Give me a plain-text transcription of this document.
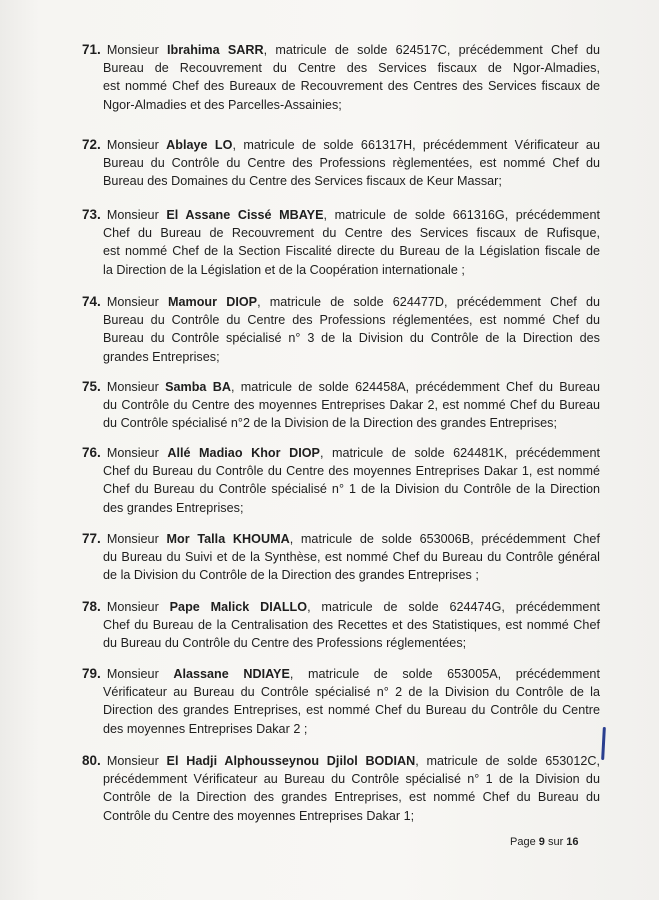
71. Monsieur Ibrahima SARR, matricule de solde 624517C, précédemment Chef du
Bureau de Recouvrement du Centre des Services fiscaux de Ngor-Almadies,
est nommé Chef des Bureaux de Recouvrement des Centres des Services fiscaux de
Ngor-Almadies et des Parcelles-Assainies;
72. Monsieur Ablaye LO, matricule de solde 661317H, précédemment Vérificateur au
Bureau du Contrôle du Centre des Professions règlementées, est nommé Chef du
Bureau des Domaines du Centre des Services fiscaux de Keur Massar;
73. Monsieur El Assane Cissé MBAYE, matricule de solde 661316G, précédemment
Chef du Bureau de Recouvrement du Centre des Services fiscaux de Rufisque,
est nommé Chef de la Section Fiscalité directe du Bureau de la Législation fiscale de
la Direction de la Législation et de la Coopération internationale ;
74. Monsieur Mamour DIOP, matricule de solde 624477D, précédemment Chef du
Bureau du Contrôle du Centre des Professions réglementées, est nommé Chef du
Bureau du Contrôle spécialisé n° 3 de la Division du Contrôle de la Direction des
grandes Entreprises;
75. Monsieur Samba BA, matricule de solde 624458A, précédemment Chef du Bureau
du Contrôle du Centre des moyennes Entreprises Dakar 2, est nommé Chef du Bureau
du Contrôle spécialisé n°2 de la Division de la Direction des grandes Entreprises;
76. Monsieur Allé Madiao Khor DIOP, matricule de solde 624481K, précédemment
Chef du Bureau du Contrôle du Centre des moyennes Entreprises Dakar 1, est nommé
Chef du Bureau du Contrôle spécialisé n° 1 de la Division du Contrôle de la Direction
des grandes Entreprises;
77. Monsieur Mor Talla KHOUMA, matricule de solde 653006B, précédemment Chef
du Bureau du Suivi et de la Synthèse, est nommé Chef du Bureau du Contrôle général
de la Division du Contrôle de la Direction des grandes Entreprises ;
78. Monsieur Pape Malick DIALLO, matricule de solde 624474G, précédemment
Chef du Bureau de la Centralisation des Recettes et des Statistiques, est nommé Chef
du Bureau du Contrôle du Centre des Professions réglementées;
79. Monsieur Alassane NDIAYE, matricule de solde 653005A, précédemment
Vérificateur au Bureau du Contrôle spécialisé n° 2 de la Division du Contrôle de la
Direction des grandes Entreprises, est nommé Chef du Bureau du Contrôle du Centre
des moyennes Entreprises Dakar 2 ;
80. Monsieur El Hadji Alphousseynou Djilol BODIAN, matricule de solde 653012C,
précédemment Vérificateur au Bureau du Contrôle spécialisé n° 1 de la Division du
Contrôle de la Direction des grandes Entreprises, est nommé Chef du Bureau du
Contrôle du Centre des moyennes Entreprises Dakar 1;
Page 9 sur 16
